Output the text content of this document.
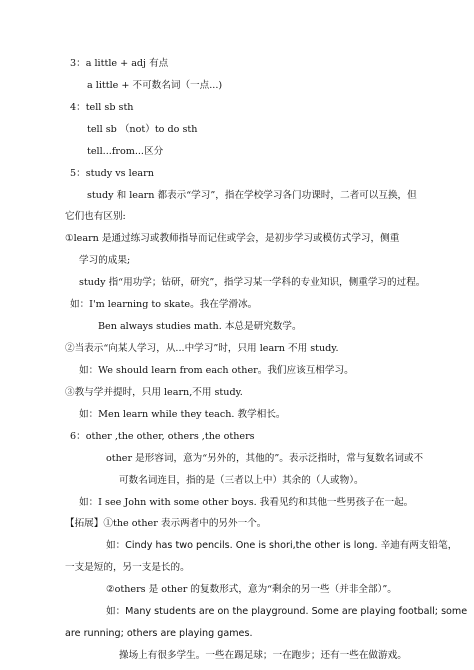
3：a little + adj 有点
a little + 不可数名词（一点...)
4：tell sb sth
tell sb （not）to do sth
tell...from...区分
5：study vs learn
study 和 learn 都表示“学习”，指在学校学习各门功课时，二者可以互换，但
它们也有区别:
①learn 是通过练习或教师指导而记住或学会，是初步学习或模仿式学习，侧重
学习的成果;
study 指“用功学；钻研，研究”，指学习某一学科的专业知识，侧重学习的过程。
如：I'm learning to skate。我在学滑冰。
Ben always studies math. 本总是研究数学。
②当表示“向某人学习，从...中学习”时，只用 learn 不用 study.
如：We should learn from each other。我们应该互相学习。
③教与学并提时，只用 learn,不用 study.
如：Men learn while they teach. 教学相长。
6：other ,the other, others ,the others
other 是形容词，意为“另外的，其他的”。表示泛指时，常与复数名词或不
可数名词连目，指的是（三者以上中）其余的（人或物）。
如：I see John with some other boys. 我看见约和其他一些男孩子在一起。
【拓展】①the other 表示两者中的另外一个。
如：Cindy has two pencils. One is shori,the other is long. 辛迪有两支铅笔，
一支是短的，另一支是长的。
②others 是 other 的复数形式，意为“剩余的另一些（并非全部）”。
如：Many students are on the playground. Some are playing football; some
are running; others are playing games.
操场上有很多学生。一些在踢足球；一在跑步；还有一些在做游戏。
